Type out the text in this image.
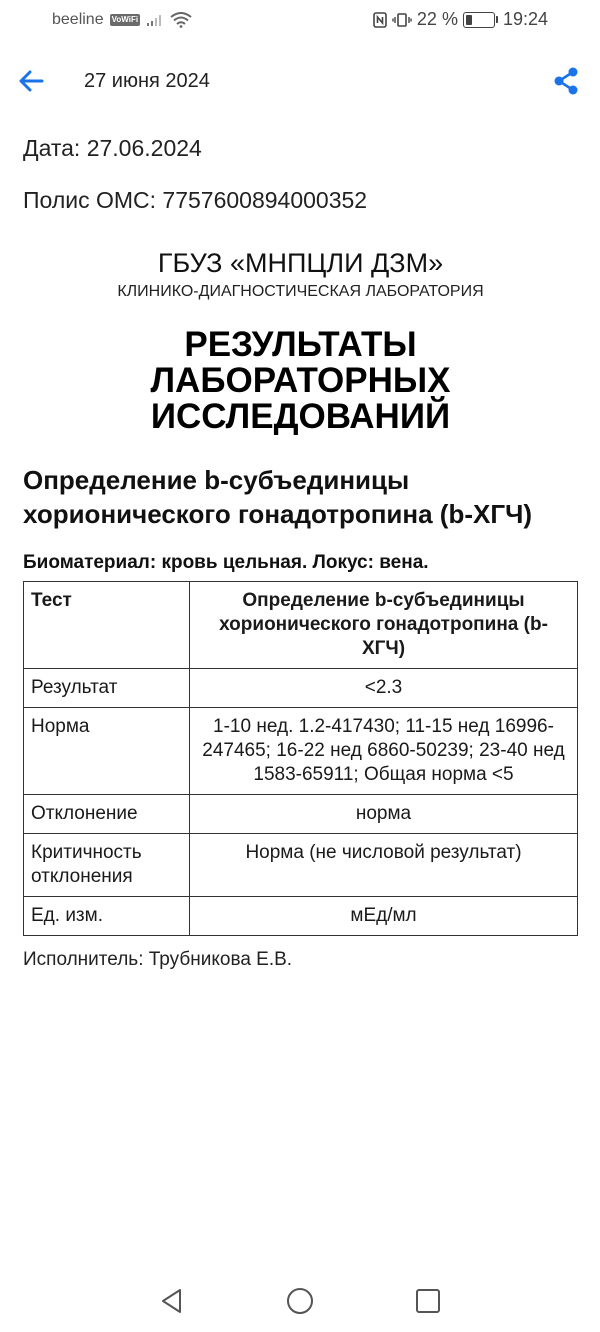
beeline VoWiFi	22 %	19:24
27 июня 2024
Дата: 27.06.2024
Полис ОМС: 7757600894000352
ГБУЗ «МНПЦЛИ ДЗМ»
КЛИНИКО-ДИАГНОСТИЧЕСКАЯ ЛАБОРАТОРИЯ
РЕЗУЛЬТАТЫ ЛАБОРАТОРНЫХ ИССЛЕДОВАНИЙ
Определение b-субъединицы хорионического гонадотропина (b-ХГЧ)
Биоматериал: кровь цельная. Локус: вена.
Тест	Определение b-субъединицы хорионического гонадотропина (b-ХГЧ)
Результат	<2.3
Норма	1-10 нед. 1.2-417430; 11-15 нед 16996-247465; 16-22 нед 6860-50239; 23-40 нед 1583-65911; Общая норма <5
Отклонение	норма
Критичность отклонения	Норма (не числовой результат)
Ед. изм.	мЕд/мл
Исполнитель: Трубникова Е.В.
